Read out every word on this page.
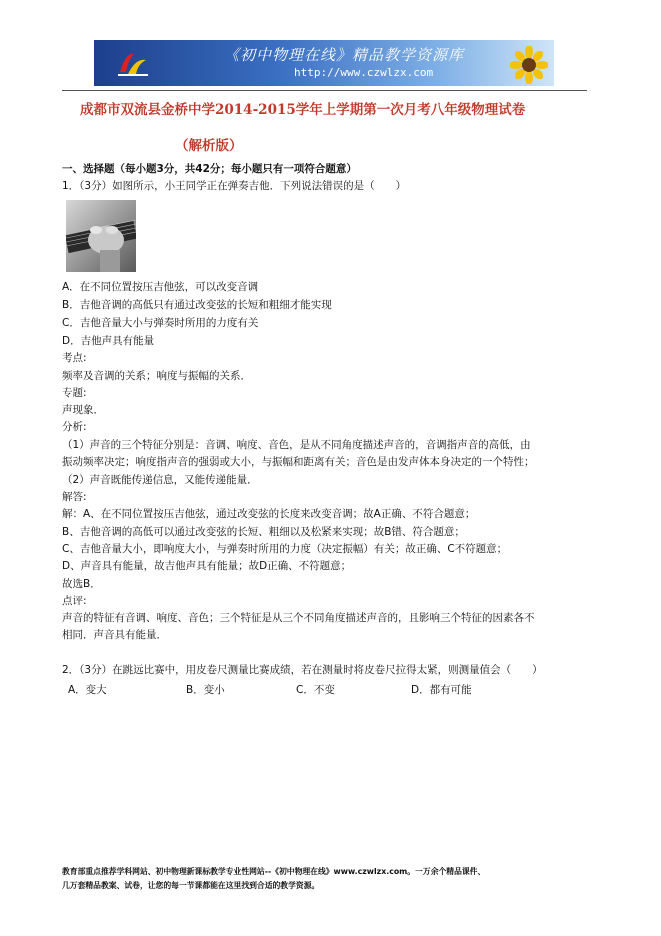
《初中物理在线》精品教学资源库
http://www.czwlzx.com
成都市双流县金桥中学2014-2015学年上学期第一次月考八年级物理试卷
（解析版）
一、选择题（每小题3分，共42分；每小题只有一项符合题意）
1．（3分）如图所示，小王同学正在弹奏吉他．下列说法错误的是（　　）
A．在不同位置按压吉他弦，可以改变音调
B．吉他音调的高低只有通过改变弦的长短和粗细才能实现
C．吉他音量大小与弹奏时所用的力度有关
D．吉他声具有能量
考点:
频率及音调的关系；响度与振幅的关系．
专题:
声现象．
分析:
（1）声音的三个特征分别是：音调、响度、音色，是从不同角度描述声音的，音调指声音的高低，由
振动频率决定；响度指声音的强弱或大小，与振幅和距离有关；音色是由发声体本身决定的一个特性；
（2）声音既能传递信息，又能传递能量．
解答:
解：A、在不同位置按压吉他弦，通过改变弦的长度来改变音调；故A正确、不符合题意；
B、吉他音调的高低可以通过改变弦的长短、粗细以及松紧来实现；故B错、符合题意；
C、吉他音量大小，即响度大小，与弹奏时所用的力度（决定振幅）有关；故正确、C不符题意；
D、声音具有能量，故吉他声具有能量；故D正确、不符题意；
故选B．
点评:
声音的特征有音调、响度、音色；三个特征是从三个不同角度描述声音的，且影响三个特征的因素各不
相同．声音具有能量．
2．（3分）在跳远比赛中，用皮卷尺测量比赛成绩，若在测量时将皮卷尺拉得太紧，则测量值会（　　）
A．变大	B．变小	C．不变	D．都有可能
教育部重点推荐学科网站、初中物理新课标教学专业性网站--《初中物理在线》www.czwlzx.com。一万余个精品课件、
几万套精品教案、试卷，让您的每一节课都能在这里找到合适的教学资源。
